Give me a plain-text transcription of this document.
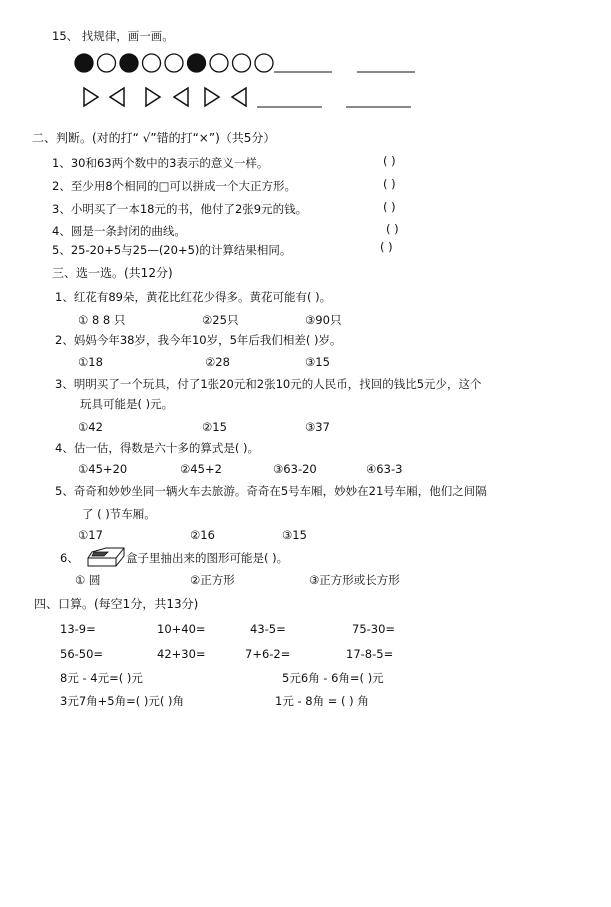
15、 找规律，画一画。
二、判断。(对的打“ √”错的打“×”)（共5分）
1、30和63两个数中的3表示的意义一样。	( )
2、至少用8个相同的□可以拼成一个大正方形。	( )
3、小明买了一本18元的书，他付了2张9元的钱。	( )
4、圆是一条封闭的曲线。	( )
5、25-20+5与25—(20+5)的计算结果相同。	( )
三、选一选。(共12分)
1、红花有89朵，黄花比红花少得多。黄花可能有( )。
① 8 8 只	②25只	③90只
2、妈妈今年38岁，我今年10岁，5年后我们相差( )岁。
①18	②28	③15
3、明明买了一个玩具，付了1张20元和2张10元的人民币，找回的钱比5元少，这个
玩具可能是( )元。
①42	②15	③37
4、估一估，得数是六十多的算式是( )。
①45+20	②45+2	③63-20	④63-3
5、奇奇和妙妙坐同一辆火车去旅游。奇奇在5号车厢，妙妙在21号车厢，他们之间隔
了 ( )节车厢。
①17	②16	③15
6、	盒子里抽出来的图形可能是( )。
① 圆	②正方形	③正方形或长方形
四、口算。(每空1分，共13分)
13-9=	10+40=	43-5=	75-30=
56-50=	42+30=	7+6-2=	17-8-5=
8元 - 4元=( )元	5元6角 - 6角=( )元
3元7角+5角=( )元( )角	1元 - 8角 = ( ) 角
